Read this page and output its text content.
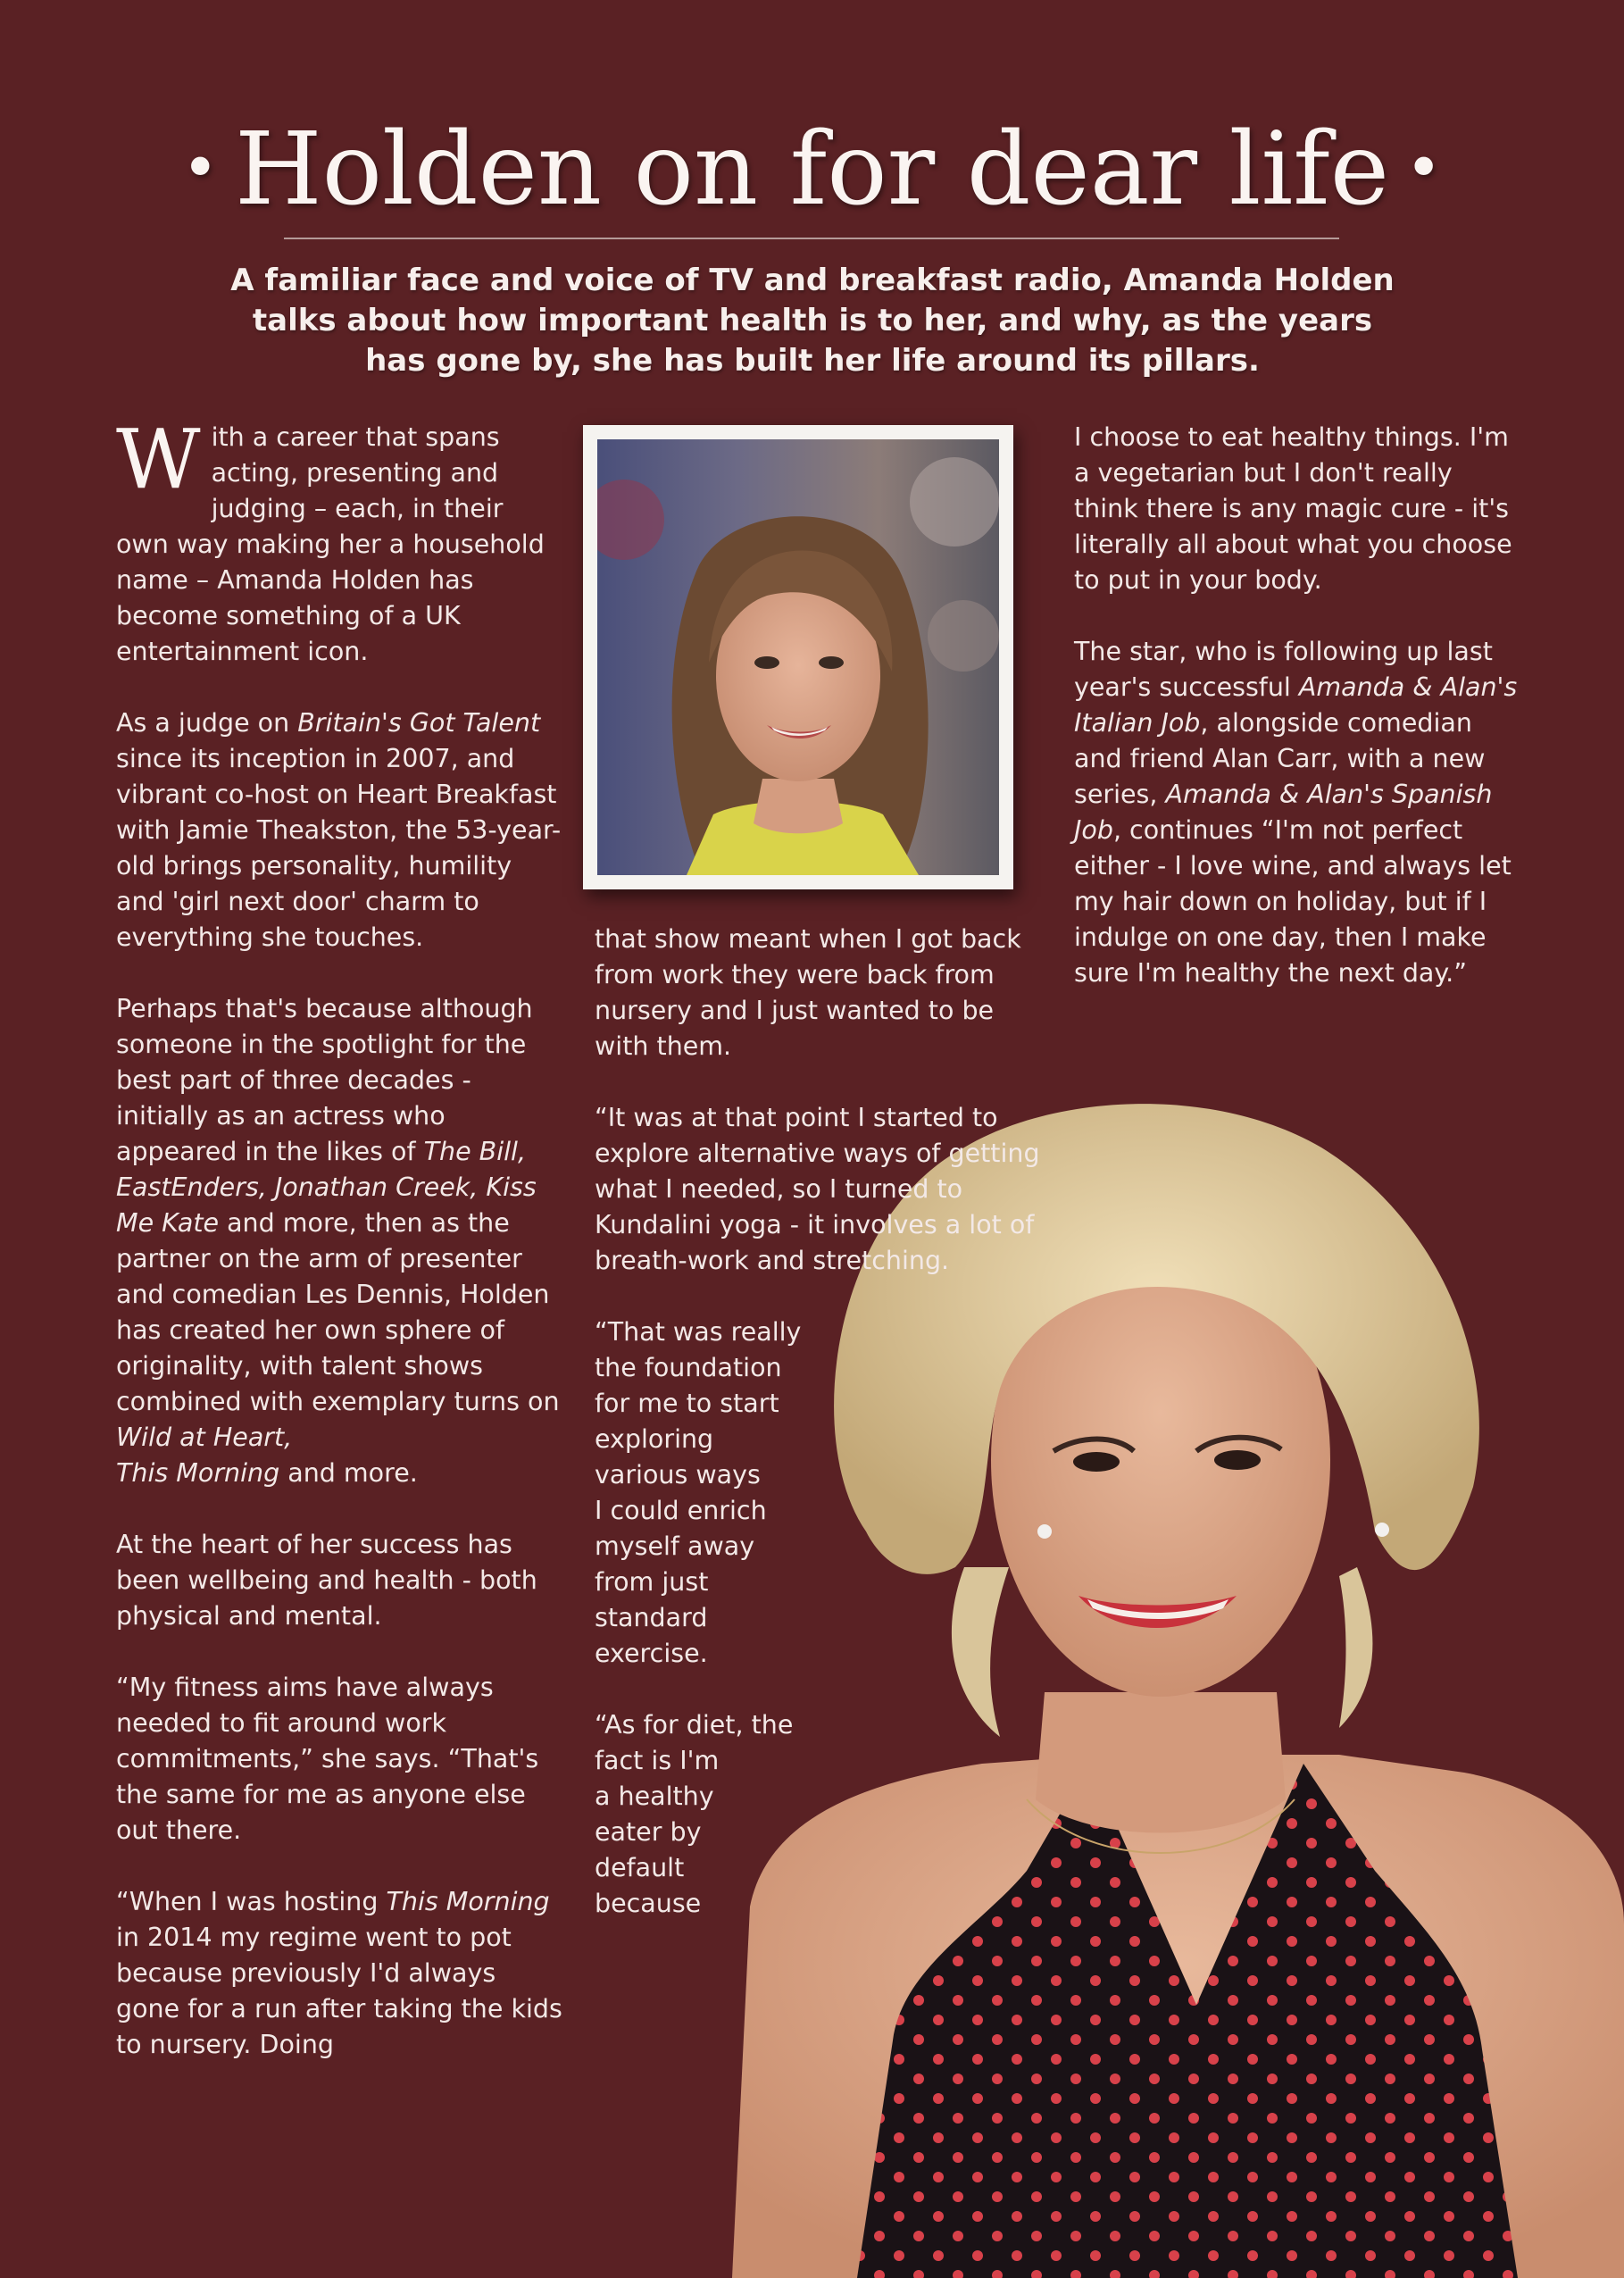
• Holden on for dear life •
A familiar face and voice of TV and breakfast radio, Amanda Holden talks about how important health is to her, and why, as the years has gone by, she has built her life around its pillars.
W ith a career that spans acting, presenting and judging – each, in their own way making her a household name – Amanda Holden has become something of a UK entertainment icon.

As a judge on Britain's Got Talent since its inception in 2007, and vibrant co-host on Heart Breakfast with Jamie Theakston, the 53-year-old brings personality, humility and 'girl next door' charm to everything she touches.

Perhaps that's because although someone in the spotlight for the best part of three decades - initially as an actress who appeared in the likes of The Bill, EastEnders, Jonathan Creek, Kiss Me Kate and more, then as the partner on the arm of presenter and comedian Les Dennis, Holden has created her own sphere of originality, with talent shows combined with exemplary turns on Wild at Heart,
This Morning and more.

At the heart of her success has been wellbeing and health - both physical and mental.

“My fitness aims have always needed to fit around work commitments,” she says. “That's the same for me as anyone else out there.

“When I was hosting This Morning in 2014 my regime went to pot because previously I'd always gone for a run after taking the kids to nursery. Doing

that show meant when I got back from work they were back from nursery and I just wanted to be with them.

“It was at that point I started to explore alternative ways of getting what I needed, so I turned to Kundalini yoga - it involves a lot of breath-work and stretching.

“That was really
the foundation
for me to start
exploring
various ways
I could enrich
myself away
from just
standard
exercise.

“As for diet, the
fact is I'm
a healthy
eater by
default
because

I choose to eat healthy things. I'm a vegetarian but I don't really think there is any magic cure - it's literally all about what you choose to put in your body.

The star, who is following up last year's successful Amanda & Alan's Italian Job, alongside comedian and friend Alan Carr, with a new series, Amanda & Alan's Spanish Job, continues “I'm not perfect either - I love wine, and always let my hair down on holiday, but if I indulge on one day, then I make sure I'm healthy the next day.”
